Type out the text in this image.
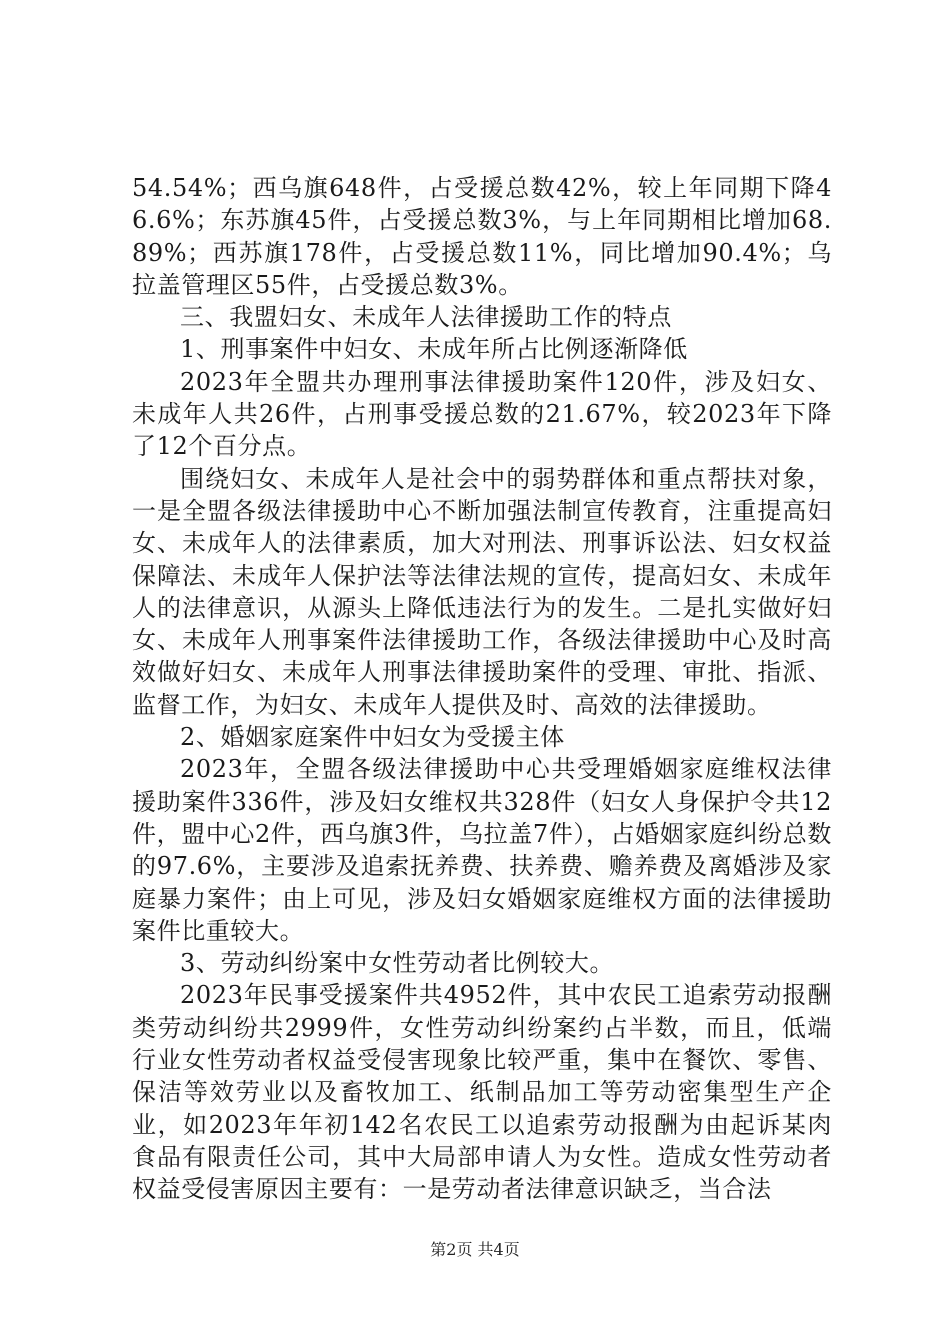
54.54%；西乌旗648件，占受援总数42%，较上年同期下降46.6%；东苏旗45件，占受援总数3%，与上年同期相比增加68.89%；西苏旗178件，占受援总数11%，同比增加90.4%；乌拉盖管理区55件，占受援总数3%。

三、我盟妇女、未成年人法律援助工作的特点

1、刑事案件中妇女、未成年所占比例逐渐降低

2023年全盟共办理刑事法律援助案件120件，涉及妇女、未成年人共26件，占刑事受援总数的21.67%，较2023年下降了12个百分点。

围绕妇女、未成年人是社会中的弱势群体和重点帮扶对象，一是全盟各级法律援助中心不断加强法制宣传教育，注重提高妇女、未成年人的法律素质，加大对刑法、刑事诉讼法、妇女权益保障法、未成年人保护法等法律法规的宣传，提高妇女、未成年人的法律意识，从源头上降低违法行为的发生。二是扎实做好妇女、未成年人刑事案件法律援助工作，各级法律援助中心及时高效做好妇女、未成年人刑事法律援助案件的受理、审批、指派、监督工作，为妇女、未成年人提供及时、高效的法律援助。

2、婚姻家庭案件中妇女为受援主体

2023年，全盟各级法律援助中心共受理婚姻家庭维权法律援助案件336件，涉及妇女维权共328件（妇女人身保护令共12件，盟中心2件，西乌旗3件，乌拉盖7件），占婚姻家庭纠纷总数的97.6%，主要涉及追索抚养费、扶养费、赡养费及离婚涉及家庭暴力案件；由上可见，涉及妇女婚姻家庭维权方面的法律援助案件比重较大。

3、劳动纠纷案中女性劳动者比例较大。

2023年民事受援案件共4952件，其中农民工追索劳动报酬类劳动纠纷共2999件，女性劳动纠纷案约占半数，而且，低端行业女性劳动者权益受侵害现象比较严重，集中在餐饮、零售、保洁等效劳业以及畜牧加工、纸制品加工等劳动密集型生产企业，如2023年年初142名农民工以追索劳动报酬为由起诉某肉食品有限责任公司，其中大局部申请人为女性。造成女性劳动者权益受侵害原因主要有：一是劳动者法律意识缺乏，当合法

第2页 共4页
